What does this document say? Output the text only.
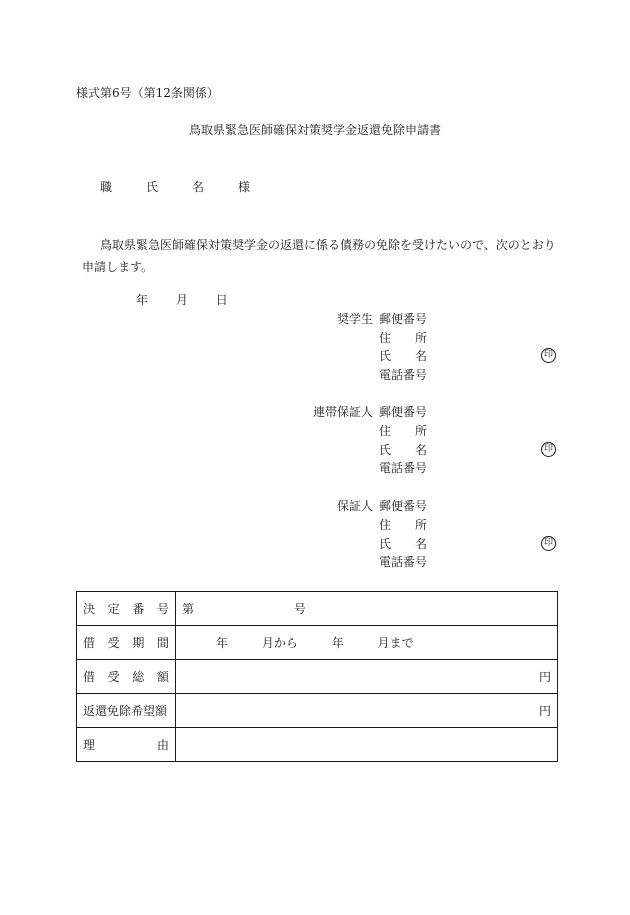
様式第6号（第12条関係）
鳥取県緊急医師確保対策奨学金返還免除申請書
職　氏　名　様
鳥取県緊急医師確保対策奨学金の返還に係る債務の免除を受けたいので、次のとおり申請します。
年 月 日
奨学生 郵便番号
住　　所
氏　　名	印
電話番号
連帯保証人 郵便番号
住　　所
氏　　名	印
電話番号
保証人 郵便番号
住　　所
氏　　名	印
電話番号
決 定 番 号	第 号

借 受 期 間	年 月から 年 月まで

借 受 総 額	円
返還免除希望額	円

理 由	
